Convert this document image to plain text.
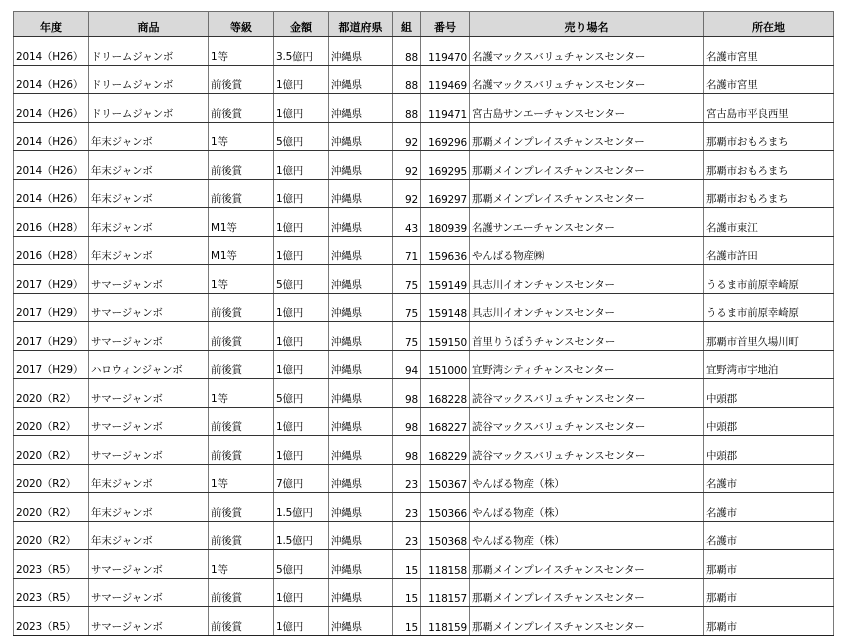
年度	商品	等級	金額	都道府県	組	番号	売り場名	所在地
2014（H26）	ドリームジャンボ	1等	3.5億円	沖縄県	88	119470	名護マックスバリュチャンスセンター	名護市宮里
2014（H26）	ドリームジャンボ	前後賞	1億円	沖縄県	88	119469	名護マックスバリュチャンスセンター	名護市宮里
2014（H26）	ドリームジャンボ	前後賞	1億円	沖縄県	88	119471	宮古島サンエーチャンスセンター	宮古島市平良西里
2014（H26）	年末ジャンボ	1等	5億円	沖縄県	92	169296	那覇メインプレイスチャンスセンター	那覇市おもろまち
2014（H26）	年末ジャンボ	前後賞	1億円	沖縄県	92	169295	那覇メインプレイスチャンスセンター	那覇市おもろまち
2014（H26）	年末ジャンボ	前後賞	1億円	沖縄県	92	169297	那覇メインプレイスチャンスセンター	那覇市おもろまち
2016（H28）	年末ジャンボ	M1等	1億円	沖縄県	43	180939	名護サンエーチャンスセンター	名護市東江
2016（H28）	年末ジャンボ	M1等	1億円	沖縄県	71	159636	やんばる物産㈱	名護市許田
2017（H29）	サマージャンボ	1等	5億円	沖縄県	75	159149	具志川イオンチャンスセンター	うるま市前原幸崎原
2017（H29）	サマージャンボ	前後賞	1億円	沖縄県	75	159148	具志川イオンチャンスセンター	うるま市前原幸崎原
2017（H29）	サマージャンボ	前後賞	1億円	沖縄県	75	159150	首里りうぼうチャンスセンター	那覇市首里久場川町
2017（H29）	ハロウィンジャンボ	前後賞	1億円	沖縄県	94	151000	宜野湾シティチャンスセンター	宜野湾市宇地泊
2020（R2）	サマージャンボ	1等	5億円	沖縄県	98	168228	読谷マックスバリュチャンスセンター	中頭郡
2020（R2）	サマージャンボ	前後賞	1億円	沖縄県	98	168227	読谷マックスバリュチャンスセンター	中頭郡
2020（R2）	サマージャンボ	前後賞	1億円	沖縄県	98	168229	読谷マックスバリュチャンスセンター	中頭郡
2020（R2）	年末ジャンボ	1等	7億円	沖縄県	23	150367	やんばる物産（株）	名護市
2020（R2）	年末ジャンボ	前後賞	1.5億円	沖縄県	23	150366	やんばる物産（株）	名護市
2020（R2）	年末ジャンボ	前後賞	1.5億円	沖縄県	23	150368	やんばる物産（株）	名護市
2023（R5）	サマージャンボ	1等	5億円	沖縄県	15	118158	那覇メインプレイスチャンスセンター	那覇市
2023（R5）	サマージャンボ	前後賞	1億円	沖縄県	15	118157	那覇メインプレイスチャンスセンター	那覇市
2023（R5）	サマージャンボ	前後賞	1億円	沖縄県	15	118159	那覇メインプレイスチャンスセンター	那覇市
